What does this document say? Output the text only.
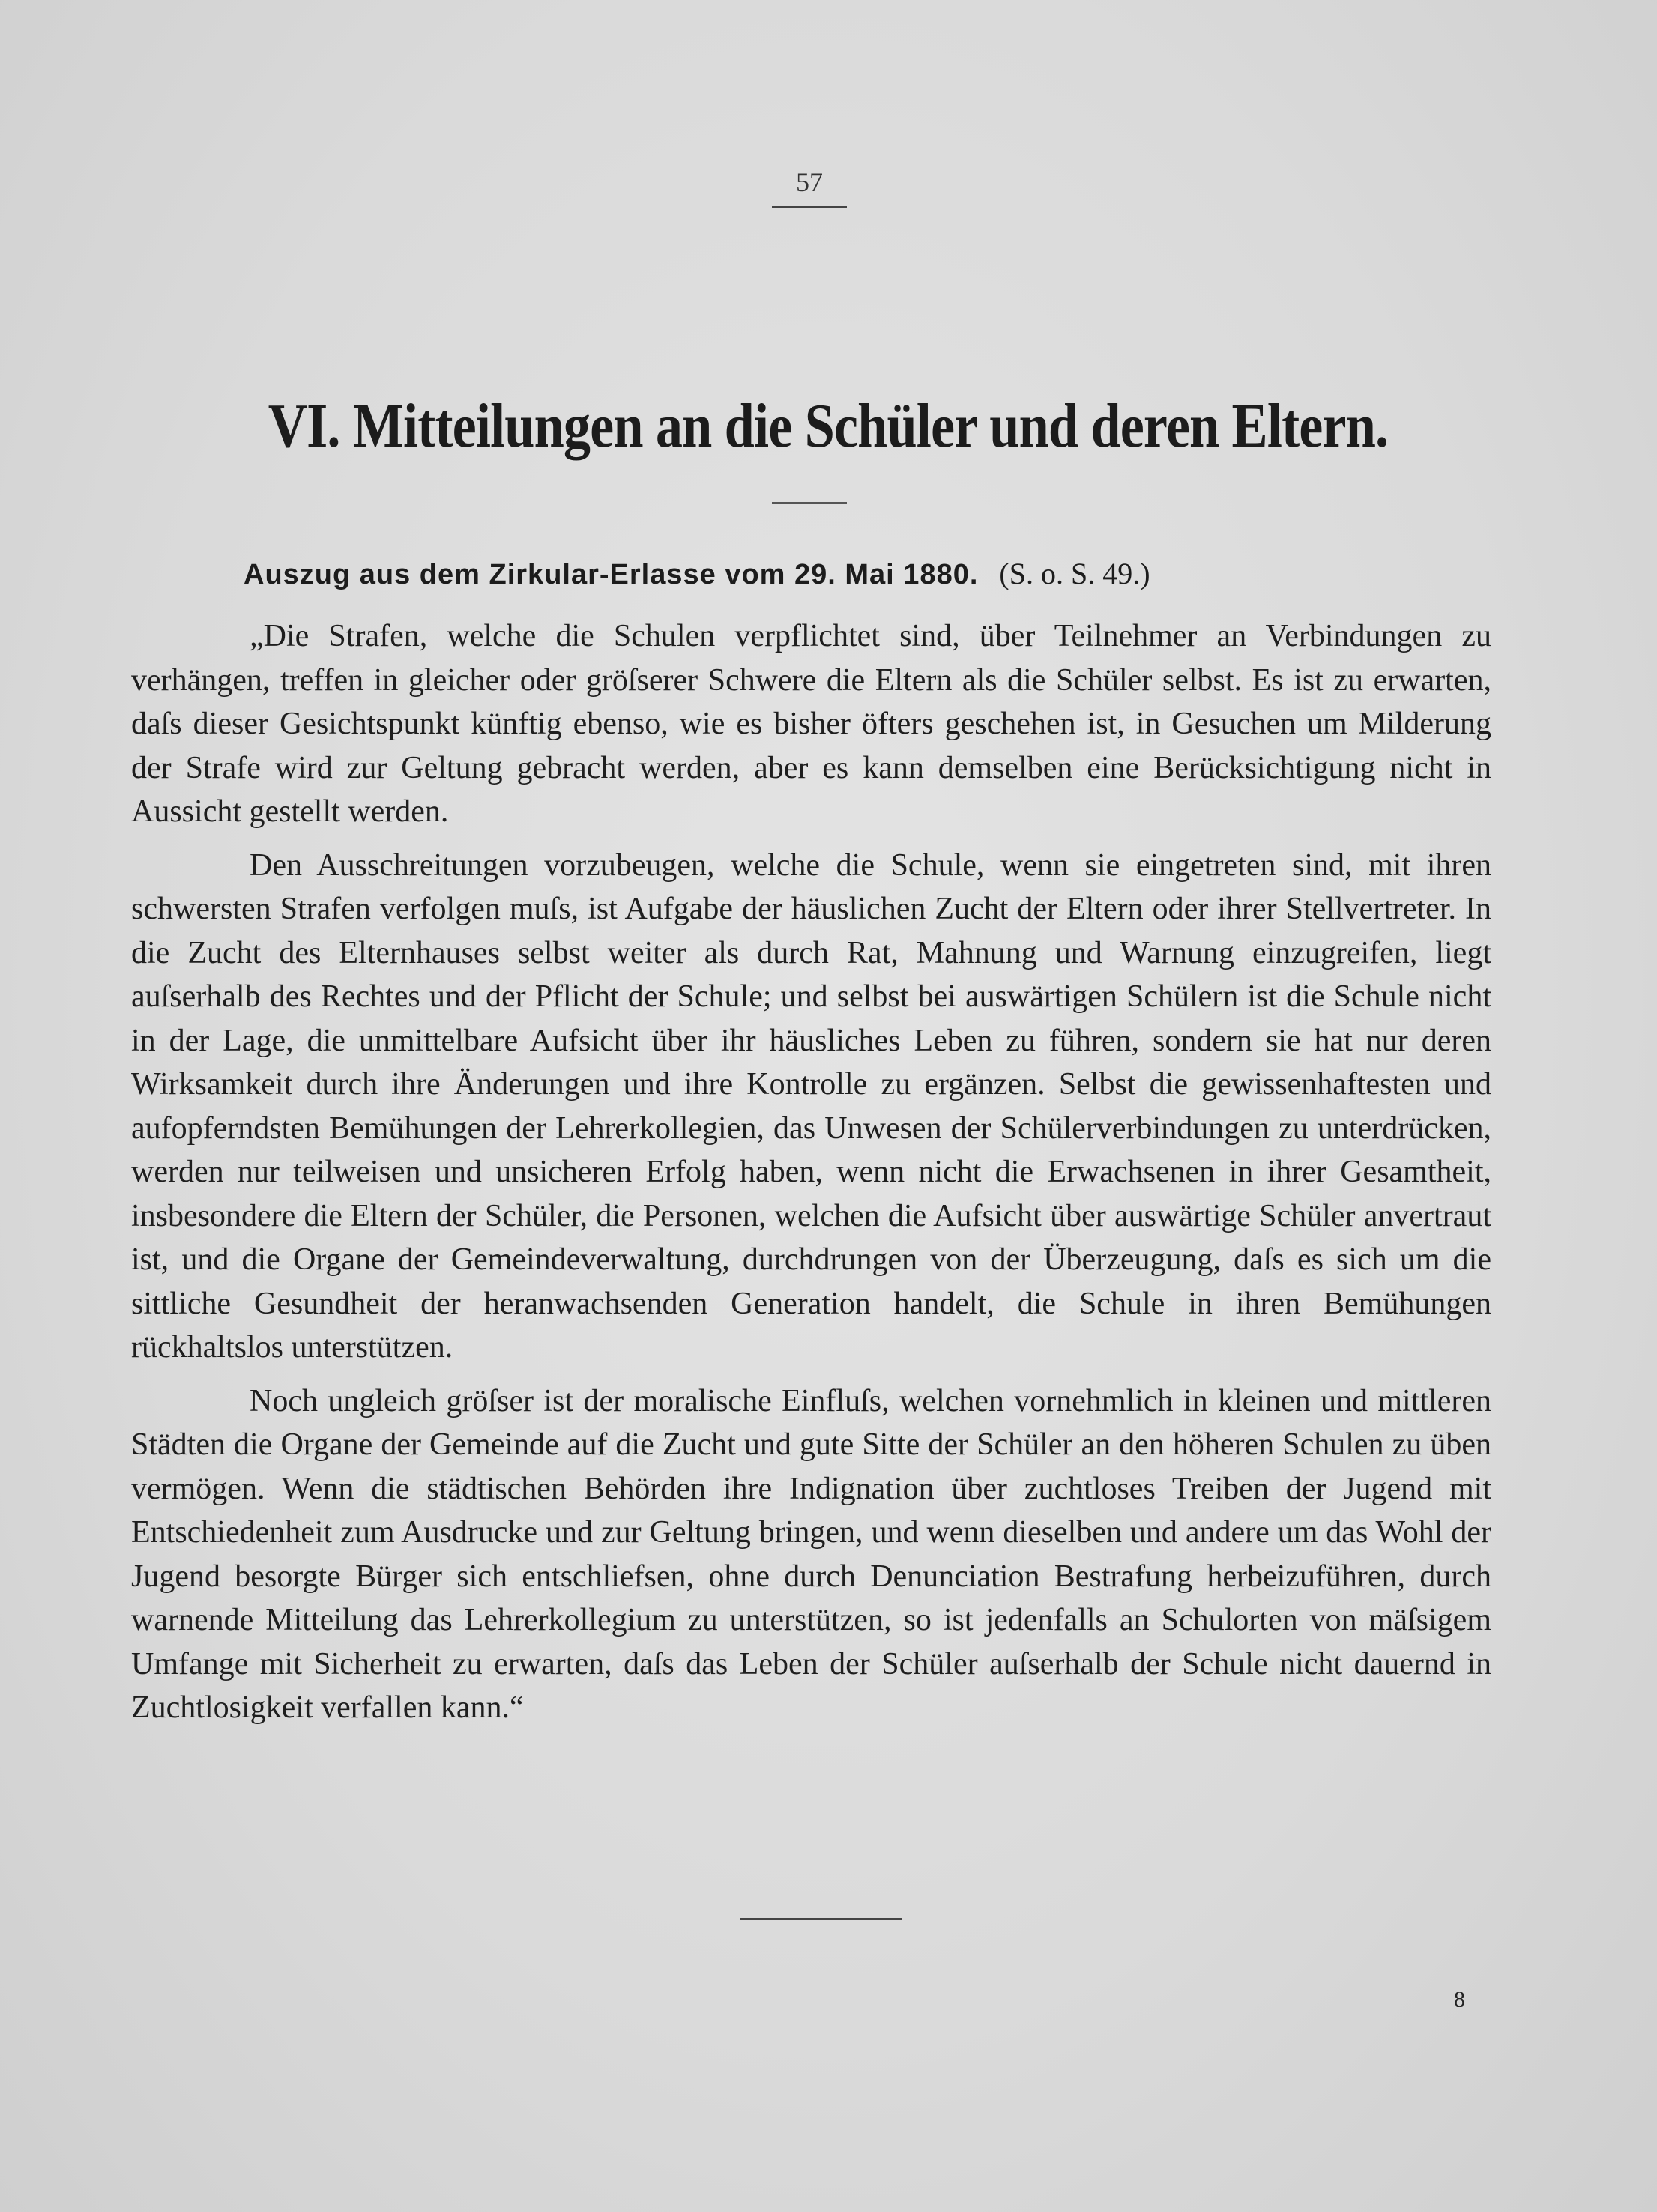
57
VI. Mitteilungen an die Schüler und deren Eltern.
Auszug aus dem Zirkular-Erlasse vom 29. Mai 1880. (S. o. S. 49.)

„Die Strafen, welche die Schulen verpflichtet sind, über Teilnehmer an Verbindungen zu verhängen, treffen in gleicher oder gröſserer Schwere die Eltern als die Schüler selbst. Es ist zu erwarten, daſs dieser Gesichtspunkt künftig ebenso, wie es bisher öfters geschehen ist, in Gesuchen um Milderung der Strafe wird zur Geltung gebracht werden, aber es kann demselben eine Berücksichtigung nicht in Aussicht gestellt werden.

Den Ausschreitungen vorzubeugen, welche die Schule, wenn sie eingetreten sind, mit ihren schwersten Strafen verfolgen muſs, ist Aufgabe der häuslichen Zucht der Eltern oder ihrer Stellvertreter. In die Zucht des Elternhauses selbst weiter als durch Rat, Mahnung und Warnung einzugreifen, liegt auſserhalb des Rechtes und der Pflicht der Schule; und selbst bei auswärtigen Schülern ist die Schule nicht in der Lage, die unmittelbare Aufsicht über ihr häusliches Leben zu führen, sondern sie hat nur deren Wirksamkeit durch ihre Änderungen und ihre Kontrolle zu ergänzen. Selbst die gewissenhaftesten und aufopferndsten Bemühungen der Lehrerkollegien, das Unwesen der Schülerverbindungen zu unterdrücken, werden nur teilweisen und unsicheren Erfolg haben, wenn nicht die Erwachsenen in ihrer Gesamtheit, insbesondere die Eltern der Schüler, die Personen, welchen die Aufsicht über auswärtige Schüler anvertraut ist, und die Organe der Gemeindeverwaltung, durchdrungen von der Überzeugung, daſs es sich um die sittliche Gesundheit der heranwachsenden Generation handelt, die Schule in ihren Bemühungen rückhaltslos unterstützen.

Noch ungleich gröſser ist der moralische Einfluſs, welchen vornehmlich in kleinen und mittleren Städten die Organe der Gemeinde auf die Zucht und gute Sitte der Schüler an den höheren Schulen zu üben vermögen. Wenn die städtischen Behörden ihre Indignation über zuchtloses Treiben der Jugend mit Entschiedenheit zum Ausdrucke und zur Geltung bringen, und wenn dieselben und andere um das Wohl der Jugend besorgte Bürger sich entschliefsen, ohne durch Denunciation Bestrafung herbeizuführen, durch warnende Mitteilung das Lehrerkollegium zu unterstützen, so ist jedenfalls an Schulorten von mäſsigem Umfange mit Sicherheit zu erwarten, daſs das Leben der Schüler auſserhalb der Schule nicht dauernd in Zuchtlosigkeit verfallen kann.“

8
